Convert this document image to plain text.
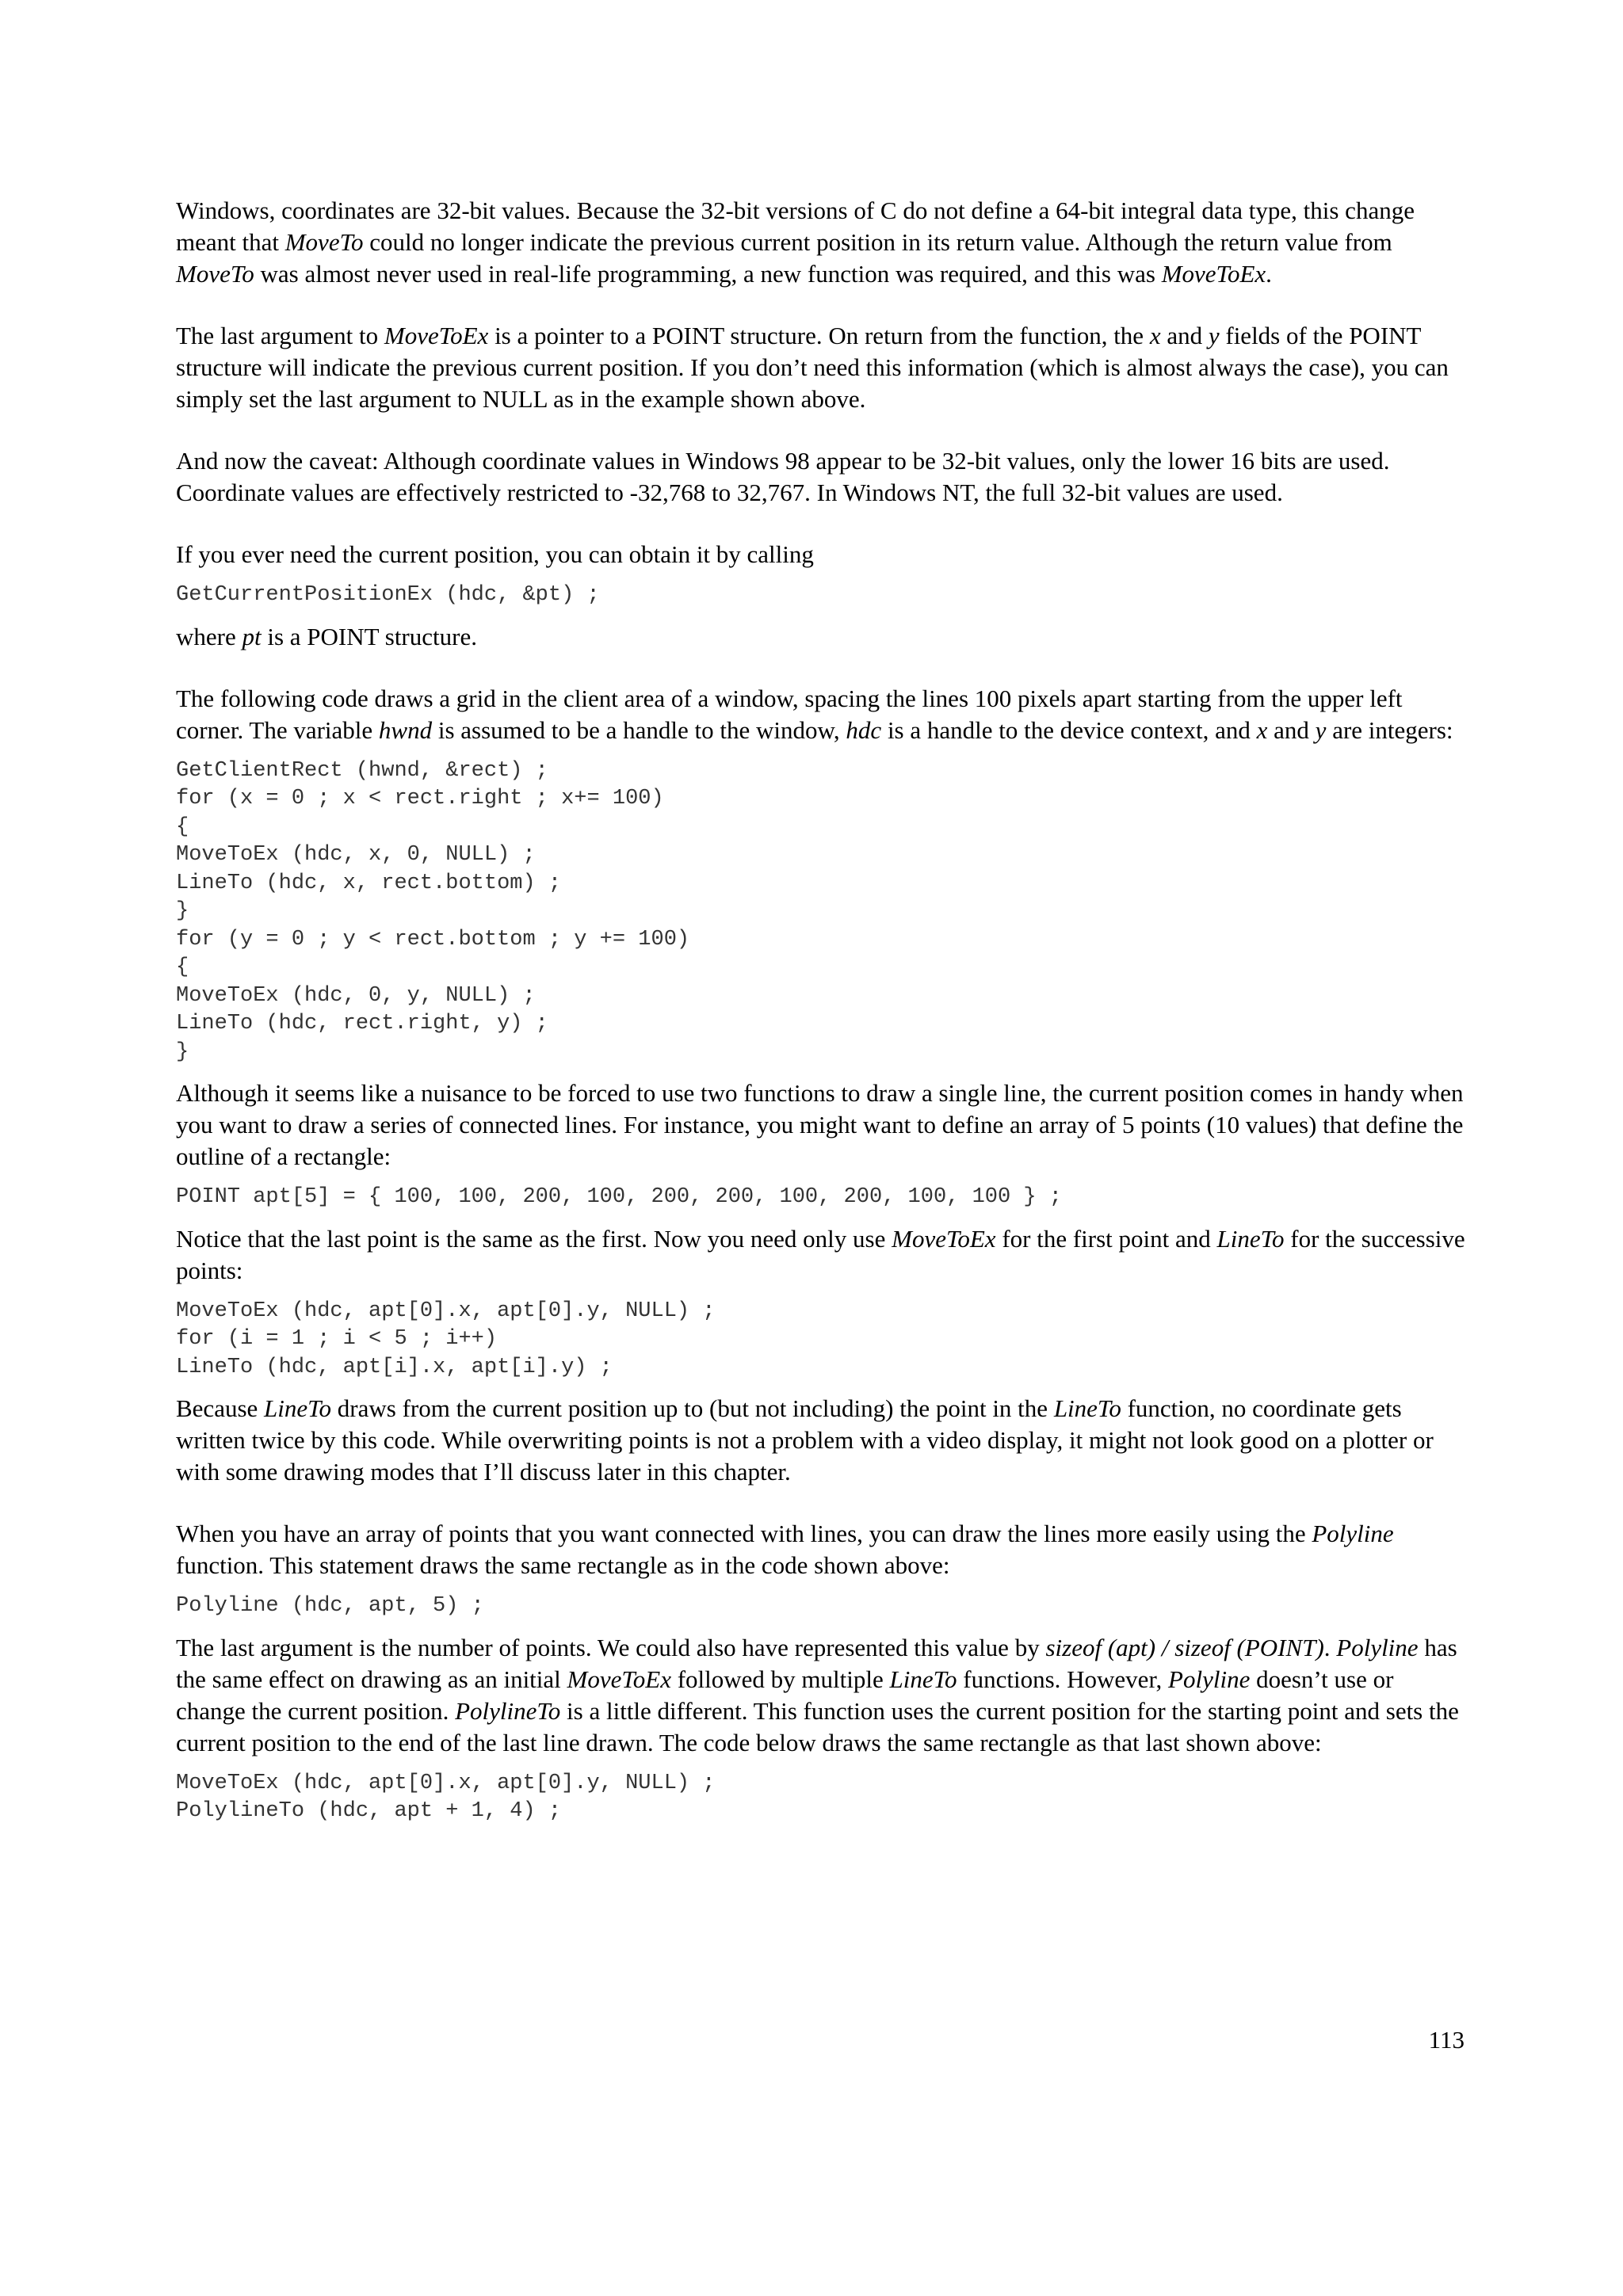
Windows, coordinates are 32-bit values. Because the 32-bit versions of C do not define a 64-bit integral data type, this change meant that MoveTo could no longer indicate the previous current position in its return value. Although the return value from MoveTo was almost never used in real-life programming, a new function was required, and this was MoveToEx.

The last argument to MoveToEx is a pointer to a POINT structure. On return from the function, the x and y fields of the POINT structure will indicate the previous current position. If you don’t need this information (which is almost always the case), you can simply set the last argument to NULL as in the example shown above.

And now the caveat: Although coordinate values in Windows 98 appear to be 32-bit values, only the lower 16 bits are used. Coordinate values are effectively restricted to -32,768 to 32,767. In Windows NT, the full 32-bit values are used.

If you ever need the current position, you can obtain it by calling

GetCurrentPositionEx (hdc, &pt) ;

where pt is a POINT structure.

The following code draws a grid in the client area of a window, spacing the lines 100 pixels apart starting from the upper left corner. The variable hwnd is assumed to be a handle to the window, hdc is a handle to the device context, and x and y are integers:

GetClientRect (hwnd, &rect) ;
for (x = 0 ; x < rect.right ; x+= 100)
{
MoveToEx (hdc, x, 0, NULL) ;
LineTo (hdc, x, rect.bottom) ;
}
for (y = 0 ; y < rect.bottom ; y += 100)
{
MoveToEx (hdc, 0, y, NULL) ;
LineTo (hdc, rect.right, y) ;
}

Although it seems like a nuisance to be forced to use two functions to draw a single line, the current position comes in handy when you want to draw a series of connected lines. For instance, you might want to define an array of 5 points (10 values) that define the outline of a rectangle:

POINT apt[5] = { 100, 100, 200, 100, 200, 200, 100, 200, 100, 100 } ;

Notice that the last point is the same as the first. Now you need only use MoveToEx for the first point and LineTo for the successive points:

MoveToEx (hdc, apt[0].x, apt[0].y, NULL) ;
for (i = 1 ; i < 5 ; i++)
LineTo (hdc, apt[i].x, apt[i].y) ;

Because LineTo draws from the current position up to (but not including) the point in the LineTo function, no coordinate gets written twice by this code. While overwriting points is not a problem with a video display, it might not look good on a plotter or with some drawing modes that I’ll discuss later in this chapter.

When you have an array of points that you want connected with lines, you can draw the lines more easily using the Polyline function. This statement draws the same rectangle as in the code shown above:

Polyline (hdc, apt, 5) ;

The last argument is the number of points. We could also have represented this value by sizeof (apt) / sizeof (POINT). Polyline has the same effect on drawing as an initial MoveToEx followed by multiple LineTo functions. However, Polyline doesn’t use or change the current position. PolylineTo is a little different. This function uses the current position for the starting point and sets the current position to the end of the last line drawn. The code below draws the same rectangle as that last shown above:

MoveToEx (hdc, apt[0].x, apt[0].y, NULL) ;
PolylineTo (hdc, apt + 1, 4) ;
113
